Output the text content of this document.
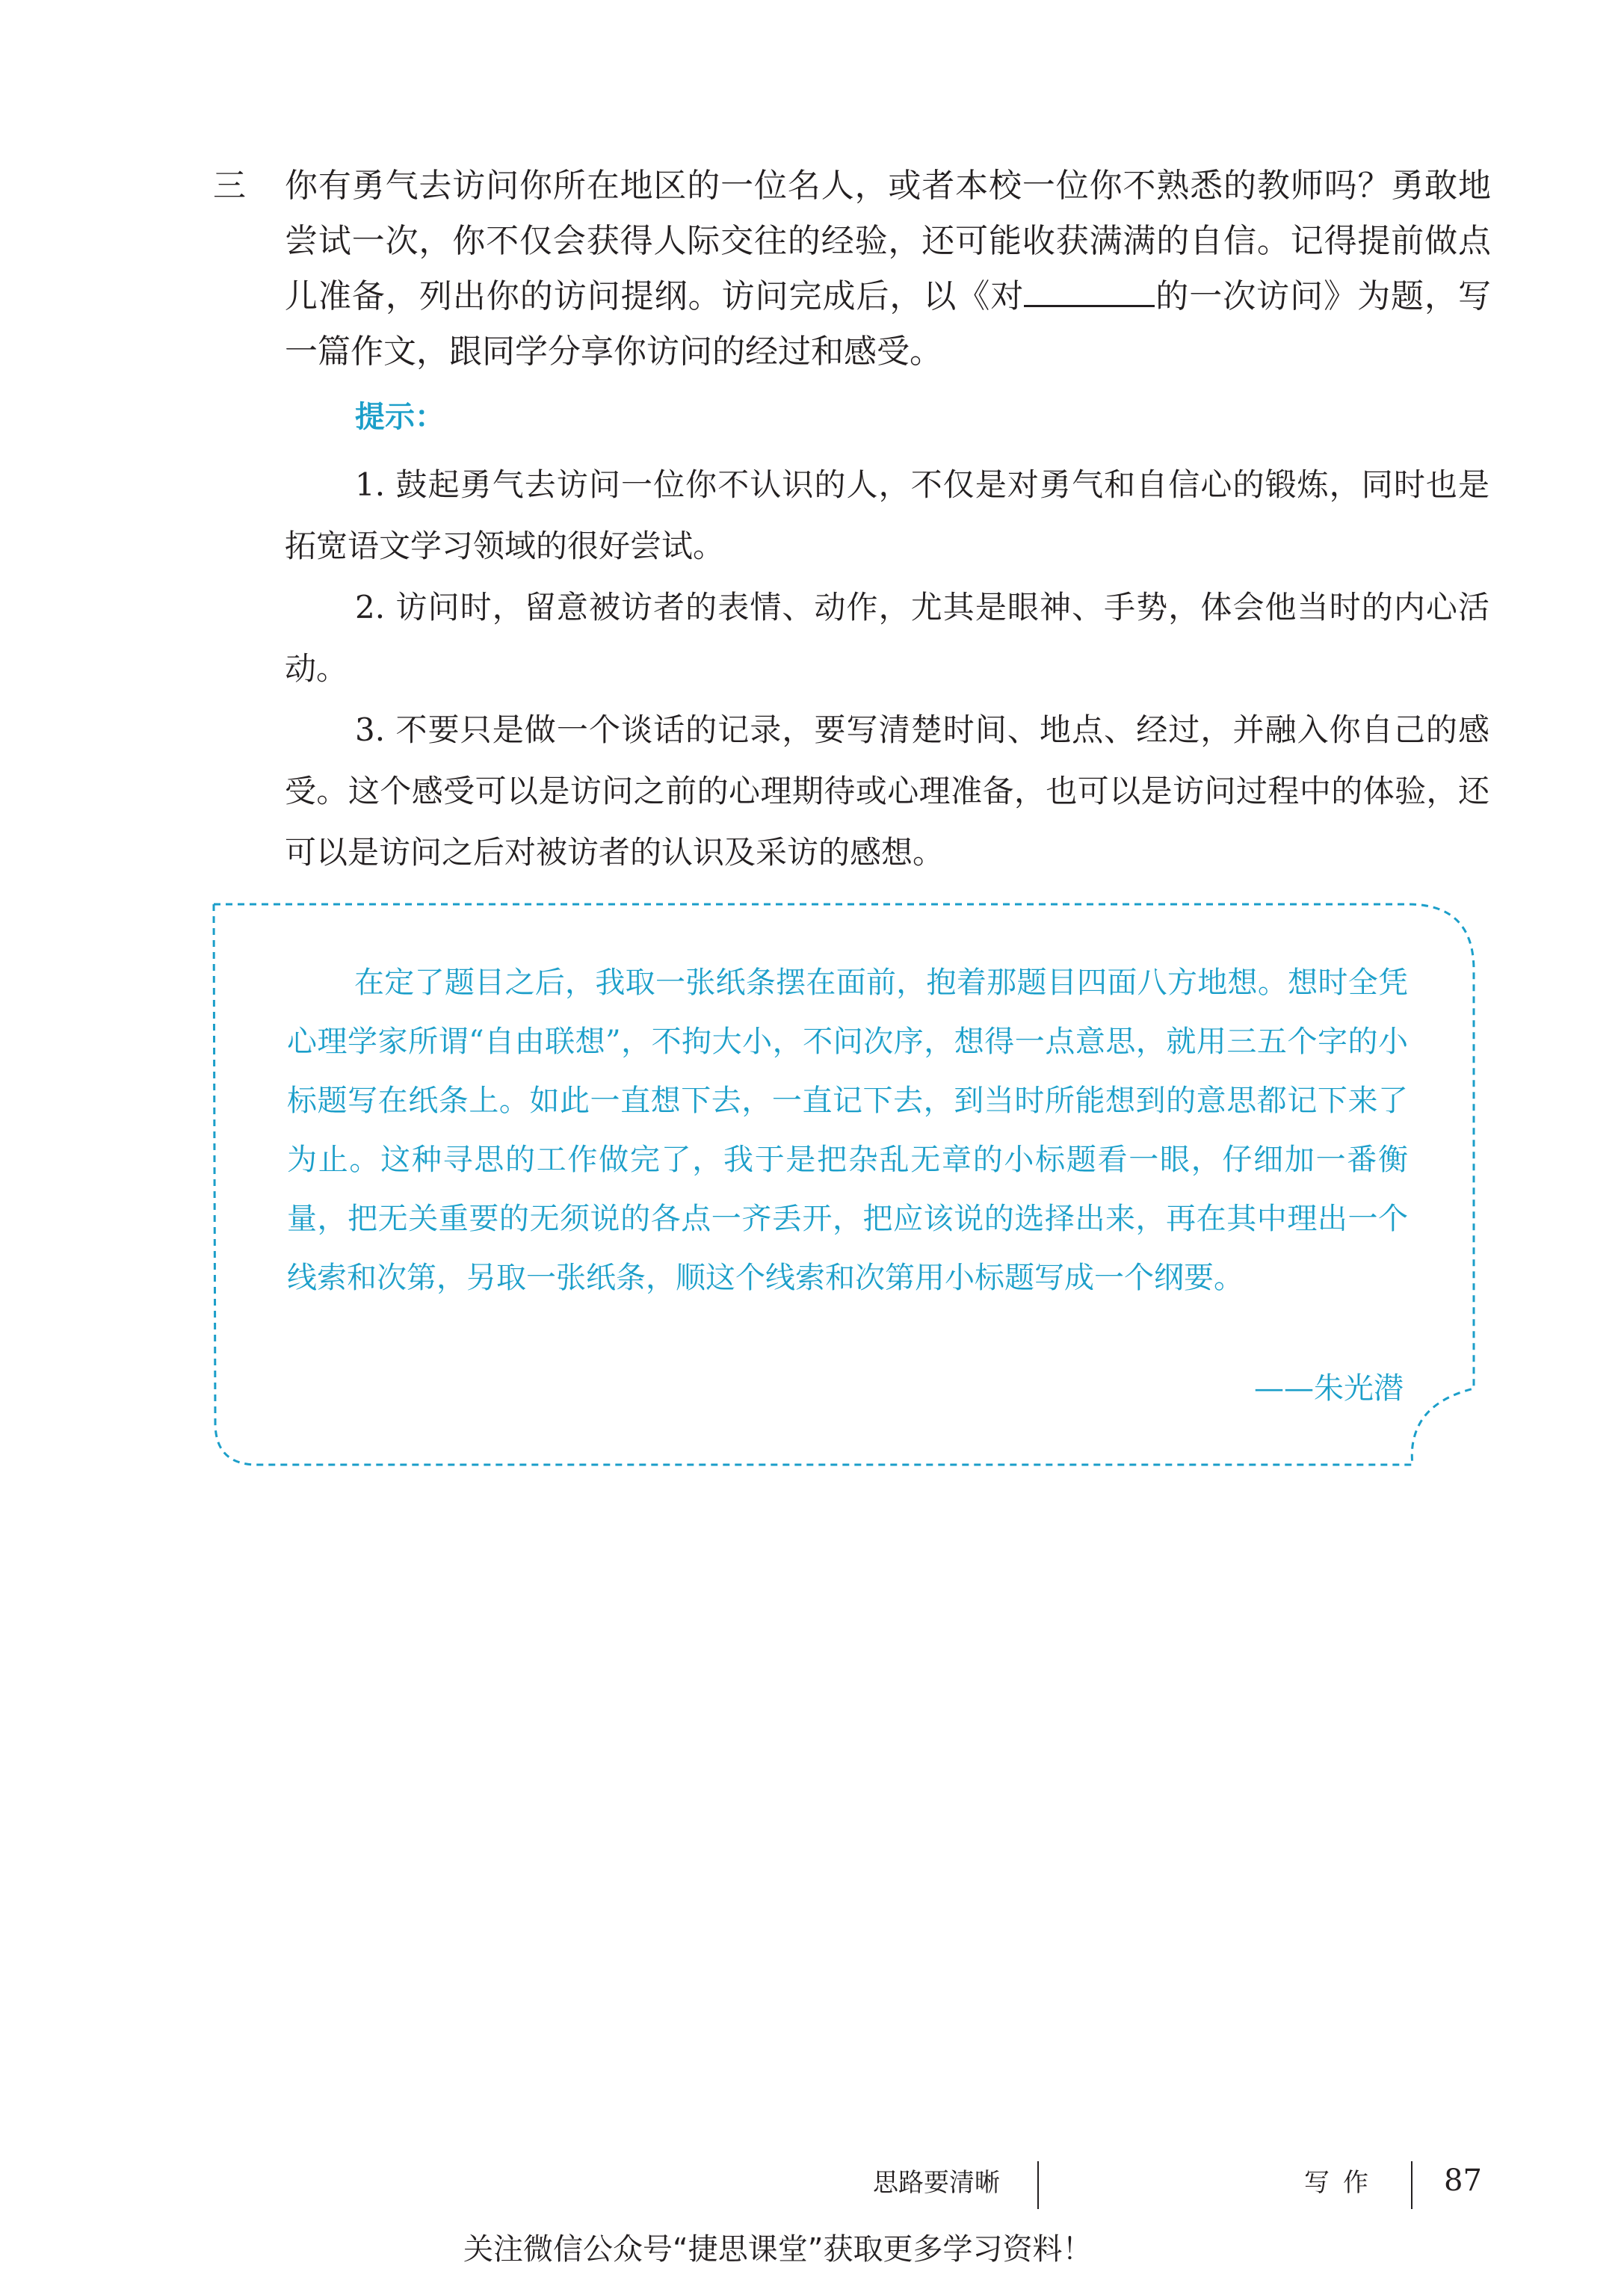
三 你有勇气去访问你所在地区的一位名人，或者本校一位你不熟悉的教师吗？勇敢地尝试一次，你不仅会获得人际交往的经验，还可能收获满满的自信。记得提前做点儿准备，列出你的访问提纲。访问完成后，以《对	的一次访问》为题，写一篇作文，跟同学分享你访问的经过和感受。
提示：

1. 鼓起勇气去访问一位你不认识的人，不仅是对勇气和自信心的锻炼，同时也是拓宽语文学习领域的很好尝试。

2. 访问时，留意被访者的表情、动作，尤其是眼神、手势，体会他当时的内心活动。

3. 不要只是做一个谈话的记录，要写清楚时间、地点、经过，并融入你自己的感受。这个感受可以是访问之前的心理期待或心理准备，也可以是访问过程中的体验，还可以是访问之后对被访者的认识及采访的感想。

在定了题目之后，我取一张纸条摆在面前，抱着那题目四面八方地想。想时全凭心理学家所谓“自由联想”，不拘大小，不问次序，想得一点意思，就用三五个字的小标题写在纸条上。如此一直想下去，一直记下去，到当时所能想到的意思都记下来了为止。这种寻思的工作做完了，我于是把杂乱无章的小标题看一眼，仔细加一番衡量，把无关重要的无须说的各点一齐丢开，把应该说的选择出来，再在其中理出一个线索和次第，另取一张纸条，顺这个线索和次第用小标题写成一个纲要。

——朱光潜
思路要清晰	写作 87
关注微信公众号“捷思课堂”获取更多学习资料！
